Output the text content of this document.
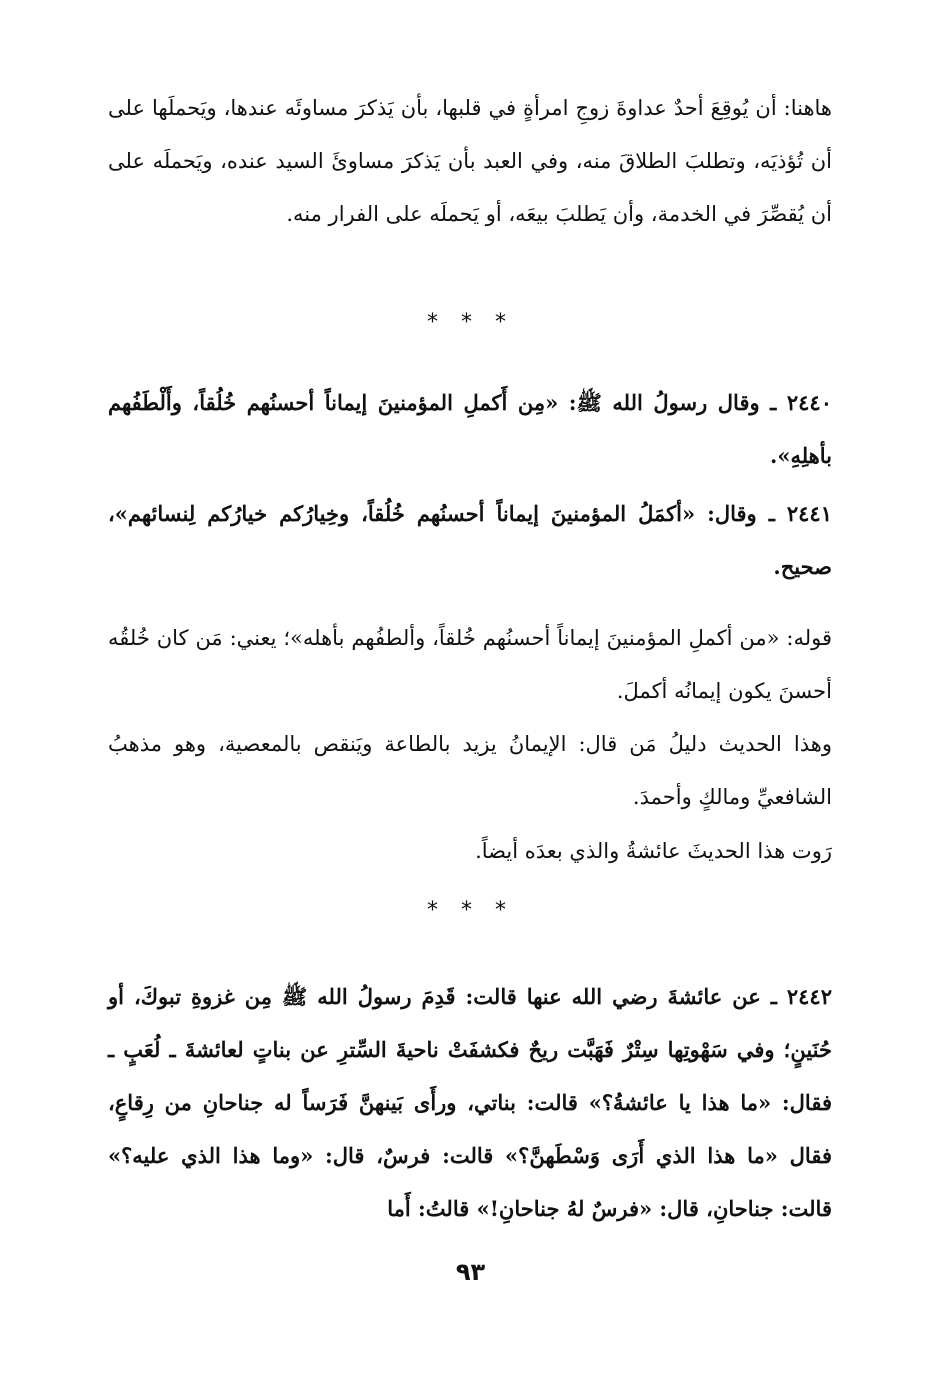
هاهنا: أن يُوقِعَ أحدٌ عداوةَ زوجِ امرأةٍ في قلبها، بأن يَذكرَ مساوئَه عندها، ويَحملَها على أن تُؤذيَه، وتطلبَ الطلاقَ منه، وفي العبد بأن يَذكرَ مساوئَ السيد عنده، ويَحملَه على أن يُقصِّرَ في الخدمة، وأن يَطلبَ بيعَه، أو يَحملَه على الفرار منه.

* * *

٢٤٤٠ ـ وقال رسولُ الله ﷺ: «مِن أَكملِ المؤمنينَ إيماناً أحسنُهم خُلُقاً، وأَلْطَفُهم بأهلِهِ».

٢٤٤١ ـ وقال: «أكمَلُ المؤمنينَ إيماناً أحسنُهم خُلُقاً، وخِيارُكم خيارُكم لِنسائهم»، صحيح.

قوله: «من أكملِ المؤمنينَ إيماناً أحسنُهم خُلقاً، وألطفُهم بأهله»؛ يعني: مَن كان خُلقُه أحسنَ يكون إيمانُه أكملَ.

وهذا الحديث دليلُ مَن قال: الإيمانُ يزيد بالطاعة ويَنقص بالمعصية، وهو مذهبُ الشافعيِّ ومالكٍ وأحمدَ.

رَوت هذا الحديثَ عائشةُ والذي بعدَه أيضاً.

* * *

٢٤٤٢ ـ عن عائشةَ رضي الله عنها قالت: قَدِمَ رسولُ الله ﷺ مِن غزوةِ تبوكَ، أو حُنَينٍ؛ وفي سَهْوتِها سِتْرٌ فَهَبَّت ريحٌ فكشفَتْ ناحيةَ السِّترِ عن بناتٍ لعائشةَ ـ لُعَبٍ ـ فقال: «ما هذا يا عائشةُ؟» قالت: بناتي، ورأَى بَينهنَّ فَرَساً له جناحانِ من رِقاعٍ، فقال «ما هذا الذي أَرَى وَسْطَهنَّ؟» قالت: فرسٌ، قال: «وما هذا الذي عليه؟» قالت: جناحانِ، قال: «فرسٌ لهُ جناحانِ!» قالتُ: أَما

٩٣
